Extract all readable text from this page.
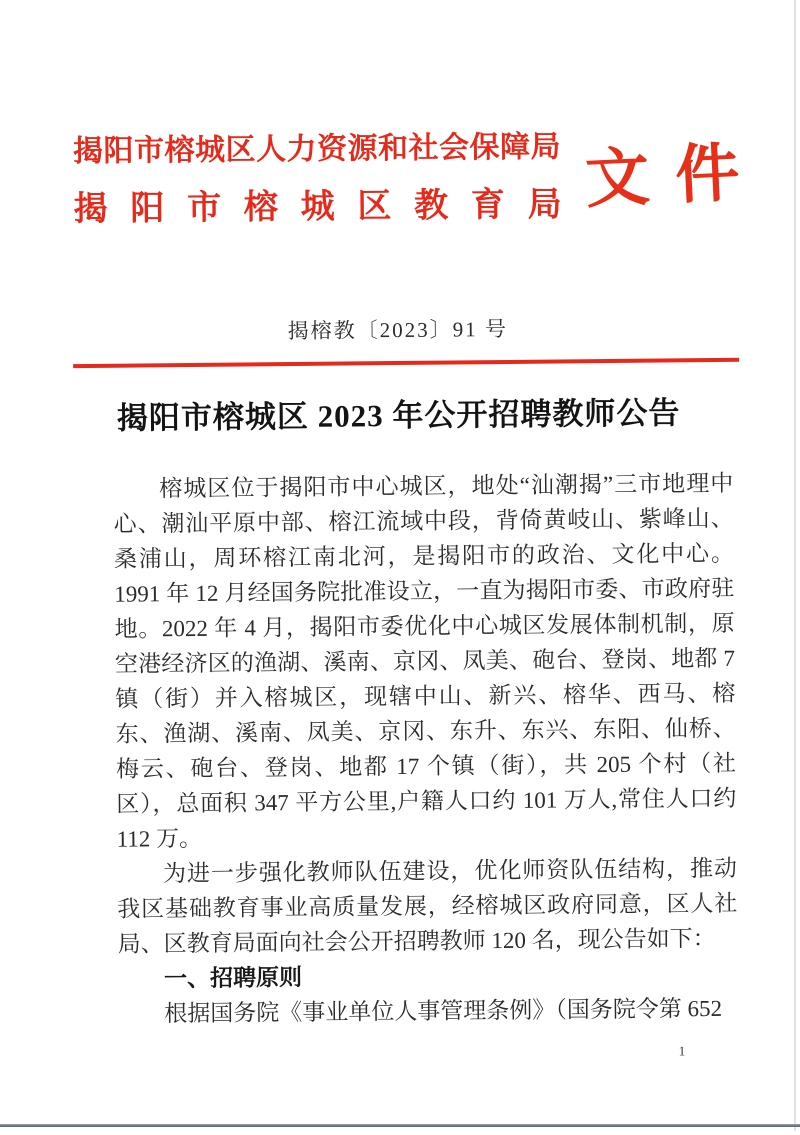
揭阳市榕城区人力资源和社会保障局
揭阳市榕城区教育局 文件
揭榕教〔2023〕91 号
揭阳市榕城区 2023 年公开招聘教师公告

榕城区位于揭阳市中心城区，地处“汕潮揭”三市地理中心、潮汕平原中部、榕江流域中段，背倚黄岐山、紫峰山、桑浦山，周环榕江南北河，是揭阳市的政治、文化中心。1991 年 12 月经国务院批准设立，一直为揭阳市委、市政府驻地。2022 年 4 月，揭阳市委优化中心城区发展体制机制，原空港经济区的渔湖、溪南、京冈、凤美、砲台、登岗、地都 7 镇（街）并入榕城区，现辖中山、新兴、榕华、西马、榕东、渔湖、溪南、凤美、京冈、东升、东兴、东阳、仙桥、梅云、砲台、登岗、地都 17 个镇（街），共 205 个村（社区），总面积 347 平方公里,户籍人口约 101 万人,常住人口约 112 万。

为进一步强化教师队伍建设，优化师资队伍结构，推动我区基础教育事业高质量发展，经榕城区政府同意，区人社局、区教育局面向社会公开招聘教师 120 名，现公告如下：

一、招聘原则

根据国务院《事业单位人事管理条例》（国务院令第 652

1
